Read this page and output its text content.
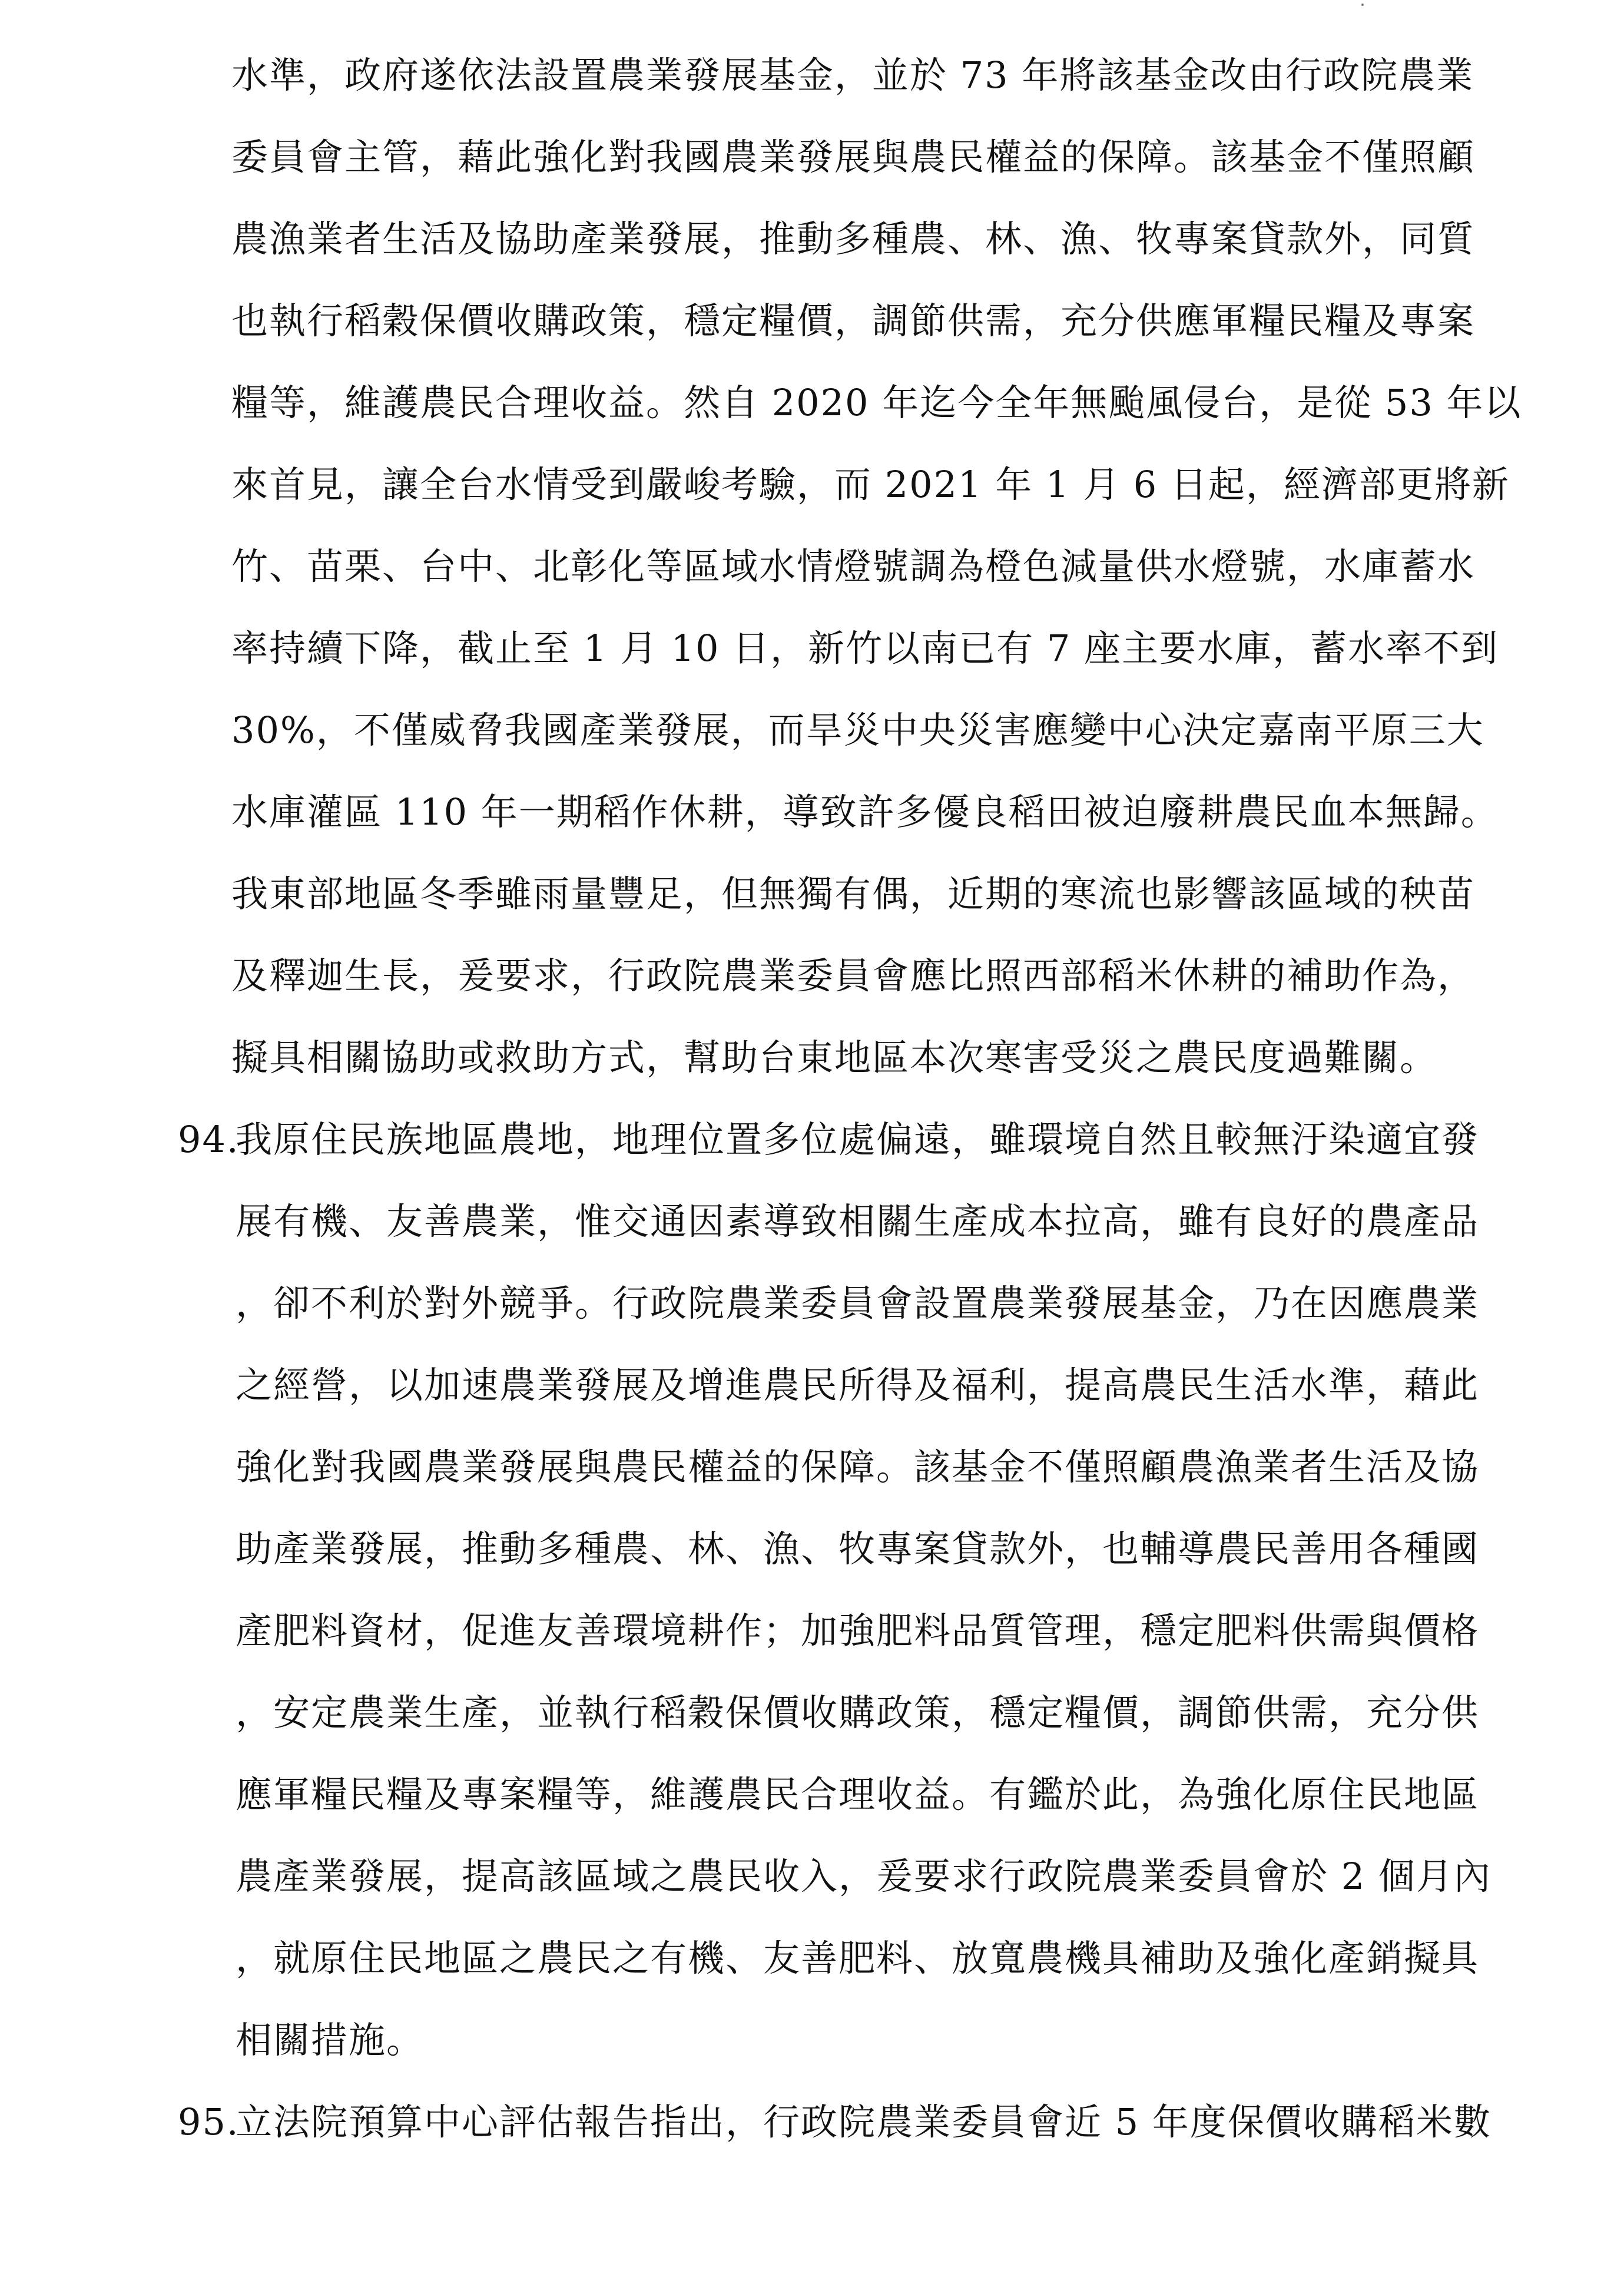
水準，政府遂依法設置農業發展基金，並於 73 年將該基金改由行政院農業
委員會主管，藉此強化對我國農業發展與農民權益的保障。該基金不僅照顧
農漁業者生活及協助產業發展，推動多種農、林、漁、牧專案貸款外，同質
也執行稻穀保價收購政策，穩定糧價，調節供需，充分供應軍糧民糧及專案
糧等，維護農民合理收益。然自 2020 年迄今全年無颱風侵台，是從 53 年以
來首見，讓全台水情受到嚴峻考驗，而 2021 年 1 月 6 日起，經濟部更將新
竹、苗栗、台中、北彰化等區域水情燈號調為橙色減量供水燈號，水庫蓄水
率持續下降，截止至 1 月 10 日，新竹以南已有 7 座主要水庫，蓄水率不到
30%，不僅威脅我國產業發展，而旱災中央災害應變中心決定嘉南平原三大
水庫灌區 110 年一期稻作休耕，導致許多優良稻田被迫廢耕農民血本無歸。
我東部地區冬季雖雨量豐足，但無獨有偶，近期的寒流也影響該區域的秧苗
及釋迦生長，爰要求，行政院農業委員會應比照西部稻米休耕的補助作為，
擬具相關協助或救助方式，幫助台東地區本次寒害受災之農民度過難關。
94.
我原住民族地區農地，地理位置多位處偏遠，雖環境自然且較無汙染適宜發
展有機、友善農業，惟交通因素導致相關生產成本拉高，雖有良好的農產品
，卻不利於對外競爭。行政院農業委員會設置農業發展基金，乃在因應農業
之經營，以加速農業發展及增進農民所得及福利，提高農民生活水準，藉此
強化對我國農業發展與農民權益的保障。該基金不僅照顧農漁業者生活及協
助產業發展，推動多種農、林、漁、牧專案貸款外，也輔導農民善用各種國
產肥料資材，促進友善環境耕作；加強肥料品質管理，穩定肥料供需與價格
，安定農業生產，並執行稻穀保價收購政策，穩定糧價，調節供需，充分供
應軍糧民糧及專案糧等，維護農民合理收益。有鑑於此，為強化原住民地區
農產業發展，提高該區域之農民收入，爰要求行政院農業委員會於 2 個月內
，就原住民地區之農民之有機、友善肥料、放寬農機具補助及強化產銷擬具
相關措施。
95.
立法院預算中心評估報告指出，行政院農業委員會近 5 年度保價收購稻米數
